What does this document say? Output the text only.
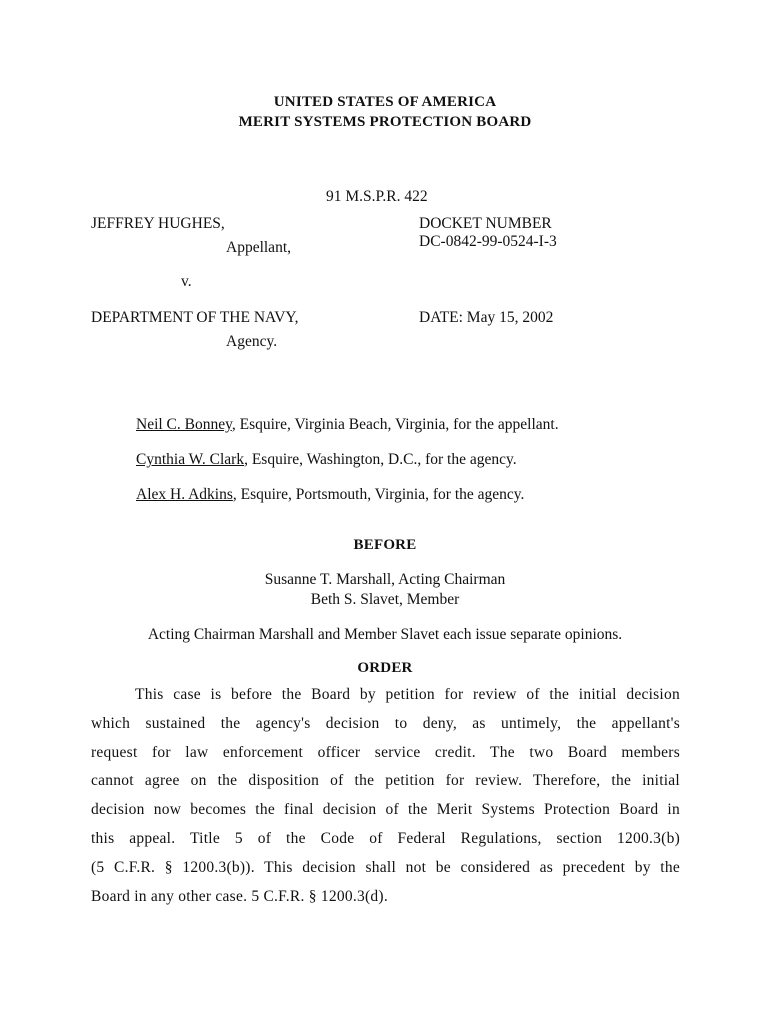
UNITED STATES OF AMERICA
MERIT SYSTEMS PROTECTION BOARD
91 M.S.P.R. 422
JEFFREY HUGHES,
Appellant,
v.
DEPARTMENT OF THE NAVY,
Agency.
DOCKET NUMBER
DC-0842-99-0524-I-3
DATE: May 15, 2002
Neil C. Bonney, Esquire, Virginia Beach, Virginia, for the appellant.
Cynthia W. Clark, Esquire, Washington, D.C., for the agency.
Alex H. Adkins, Esquire, Portsmouth, Virginia, for the agency.
BEFORE
Susanne T. Marshall, Acting Chairman
Beth S. Slavet, Member
Acting Chairman Marshall and Member Slavet each issue separate opinions.
ORDER
This case is before the Board by petition for review of the initial decision
which sustained the agency's decision to deny, as untimely, the appellant's
request for law enforcement officer service credit. The two Board members
cannot agree on the disposition of the petition for review. Therefore, the initial
decision now becomes the final decision of the Merit Systems Protection Board in
this appeal. Title 5 of the Code of Federal Regulations, section 1200.3(b)
(5 C.F.R. § 1200.3(b)). This decision shall not be considered as precedent by the
Board in any other case. 5 C.F.R. § 1200.3(d).
